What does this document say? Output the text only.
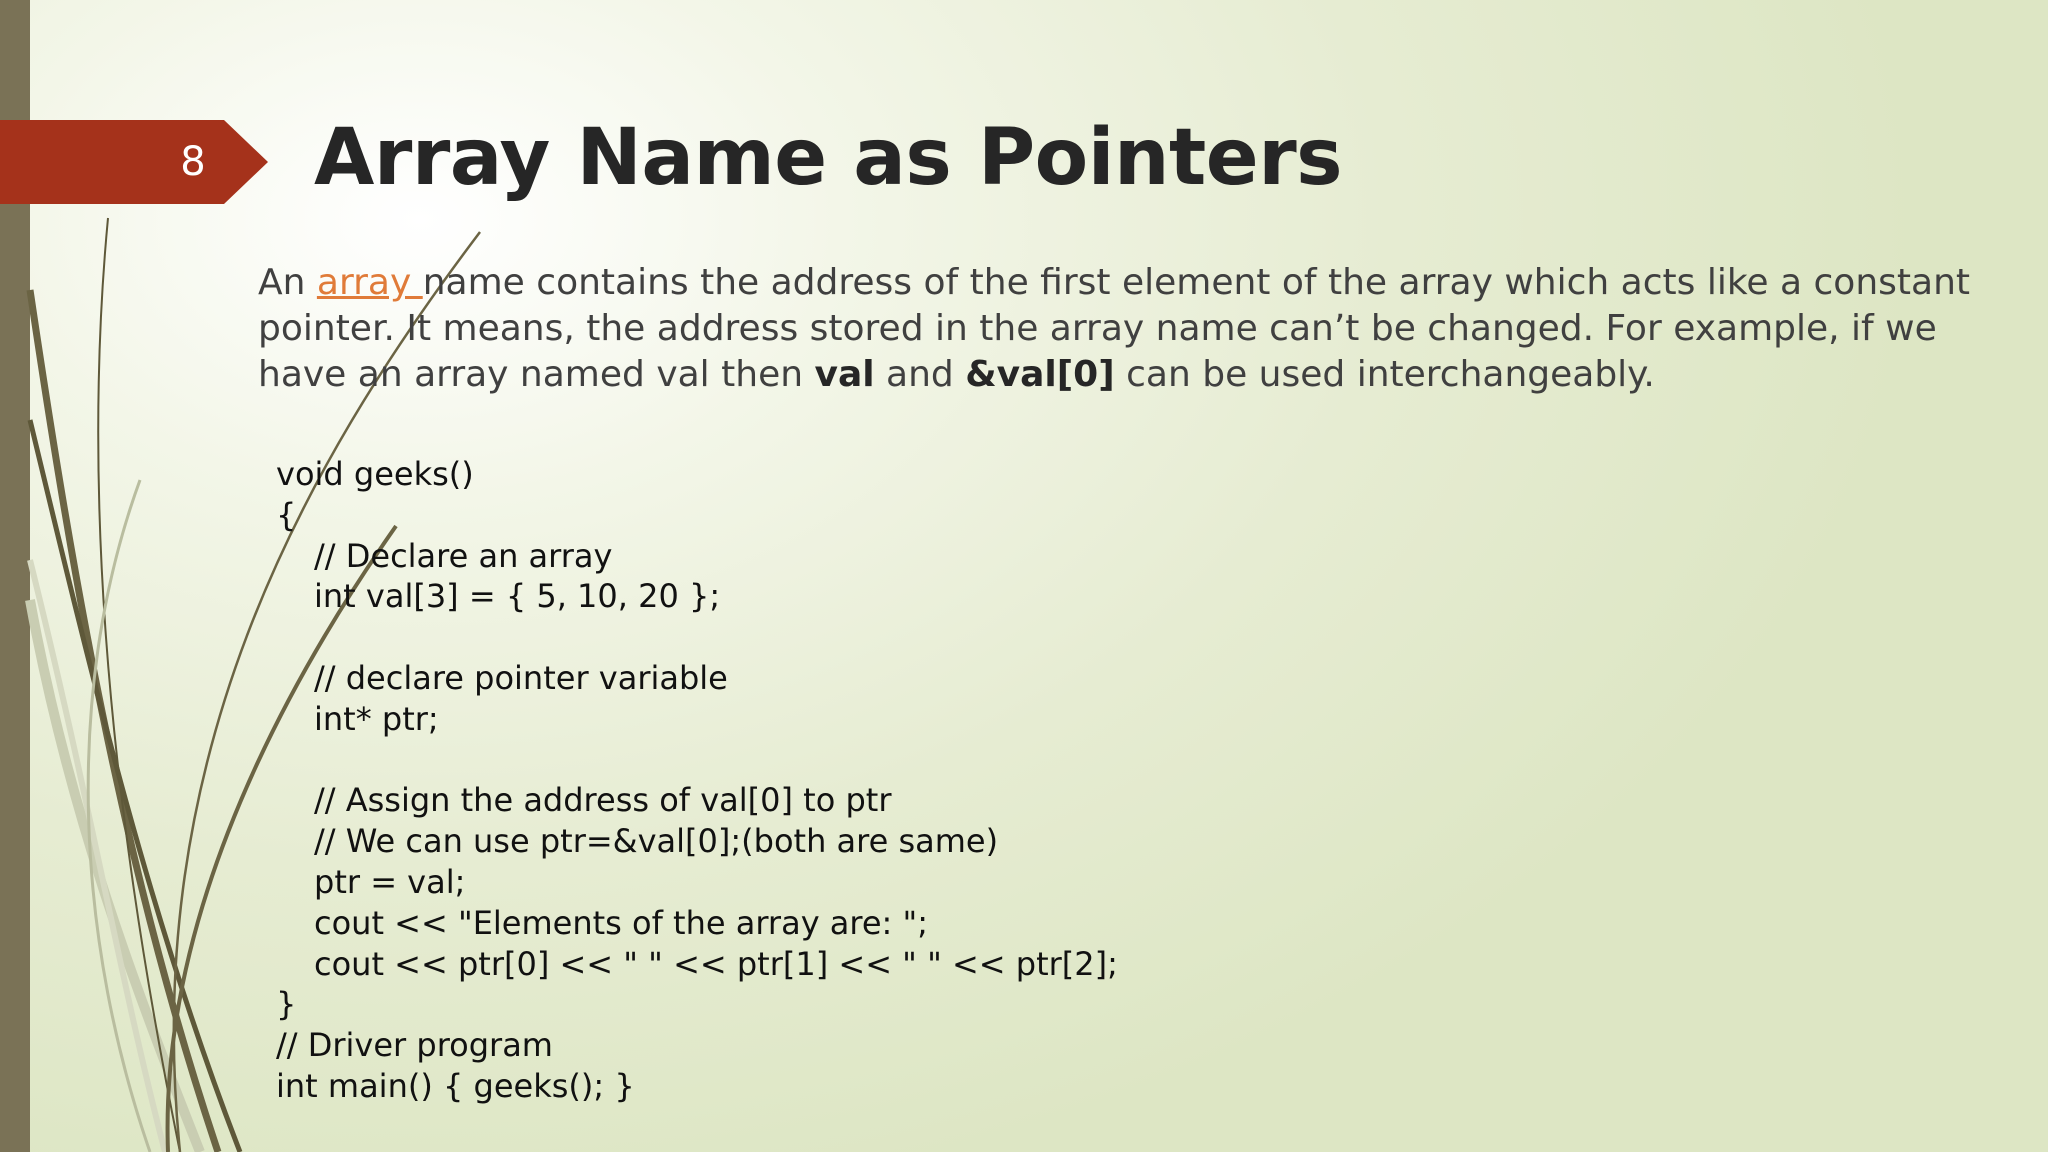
8 Array Name as Pointers

An array name contains the address of the first element of the array which acts like a constant pointer. It means, the address stored in the array name can’t be changed. For example, if we have an array named val then val and &val[0] can be used interchangeably.

void geeks()
{
// Declare an array
int val[3] = { 5, 10, 20 };
// declare pointer variable
int* ptr;
// Assign the address of val[0] to ptr
// We can use ptr=&val[0];(both are same)
ptr = val;
cout << "Elements of the array are: ";
cout << ptr[0] << " " << ptr[1] << " " << ptr[2];
}
// Driver program
int main() { geeks(); }
